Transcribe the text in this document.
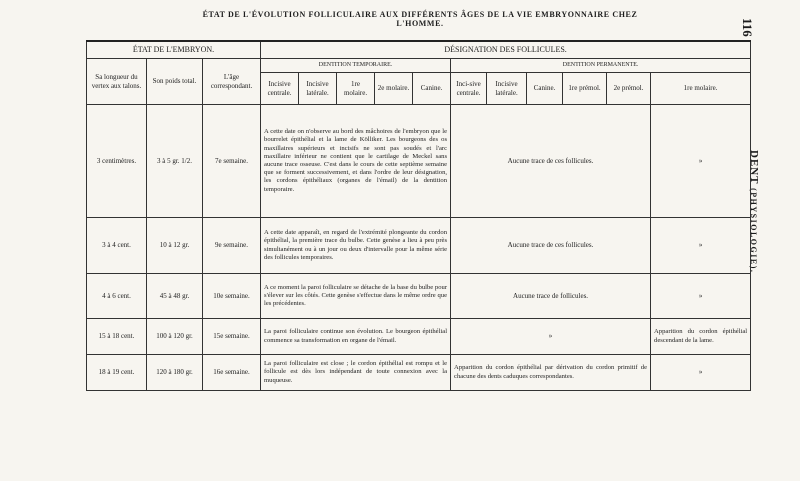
ÉTAT DE L'ÉVOLUTION FOLLICULAIRE AUX DIFFÉRENTS ÂGES DE LA VIE EMBRYONNAIRE CHEZ L'HOMME.	116
DENT (PHYSIOLOGIE).
ÉTAT DE L'EMBRYON.			DÉSIGNATION DES FOLLICULES.										
Sa longueur du vertex aux talons.	Son poids total.	L'âge correspondant.	DENTITION TEMPORAIRE.					DENTITION PERMANENTE.					
			Incisive centrale.	Incisive latérale.	1re molaire.	2e molaire.	Canine.	Inci-sive centrale.	Incisive latérale.	Canine.	1re prémol.	2e prémol.	1re molaire.
3 centimètres.	3 à 5 gr. 1/2.	7e semaine.	A cette date on n'observe au bord des mâchoires de l'embryon que le bourrelet épithélial et la lame de Kölliker. Les bourgeons des os maxillaires supérieurs et incisifs ne sont pas soudés et l'arc maxillaire inférieur ne contient que le cartilage de Meckel sans aucune trace osseuse. C'est dans le cours de cette septième semaine que se forment successivement, et dans l'ordre de leur désignation, les cordons épithéliaux (organes de l'émail) de la dentition temporaire.					Aucune trace de ces follicules.					»
3 à 4 cent.	10 à 12 gr.	9e semaine.	A cette date apparaît, en regard de l'extrémité plongeante du cordon épithélial, la première trace du bulbe. Cette genèse a lieu à peu près simultanément ou à un jour ou deux d'intervalle pour la même série des follicules temporaires.					Aucune trace de ces follicules.					»
4 à 6 cent.	45 à 48 gr.	10e semaine.	A ce moment la paroi folliculaire se détache de la base du bulbe pour s'élever sur les côtés. Cette genèse s'effectue dans le même ordre que les précédentes.					Aucune trace de follicules.					»
15 à 18 cent.	100 à 120 gr.	15e semaine.	La paroi folliculaire continue son évolution. Le bourgeon épithélial commence sa transformation en organe de l'émail.					»					Apparition du cordon épithélial descendant de la lame.
18 à 19 cent.	120 à 180 gr.	16e semaine.	La paroi folliculaire est close ; le cordon épithélial est rompu et le follicule est dès lors indépendant de toute connexion avec la muqueuse.					Apparition du cordon épithélial par dérivation du cordon primitif de chacune des dents caduques correspondantes.					»
